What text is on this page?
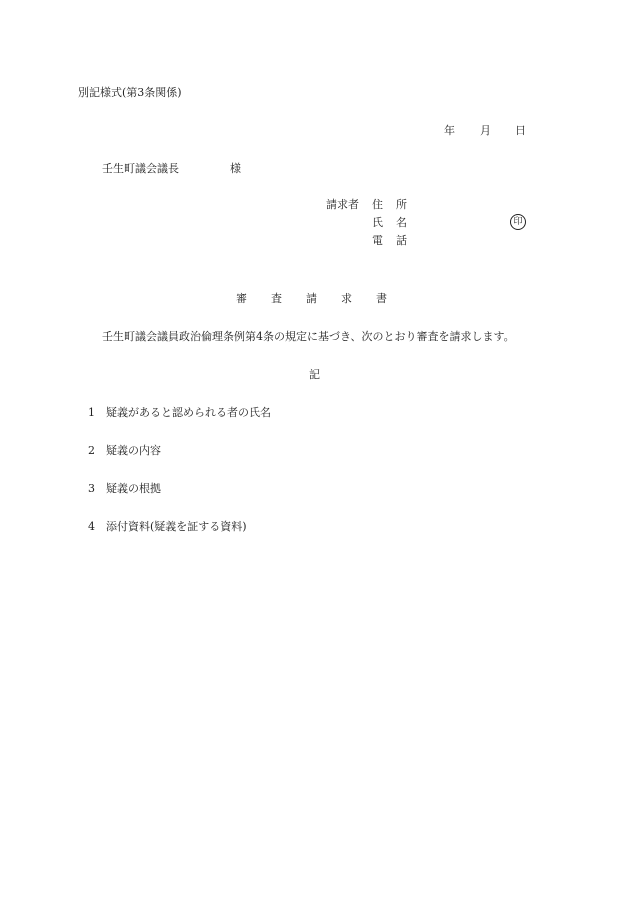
別記様式(第3条関係)
年 月 日
壬生町議会議長	様
請求者 住 所
氏 名
電 話
印
審 査 請 求 書
壬生町議会議員政治倫理条例第4条の規定に基づき、次のとおり審査を請求します。
記
1 疑義があると認められる者の氏名
2 疑義の内容
3 疑義の根拠
4 添付資料(疑義を証する資料)
